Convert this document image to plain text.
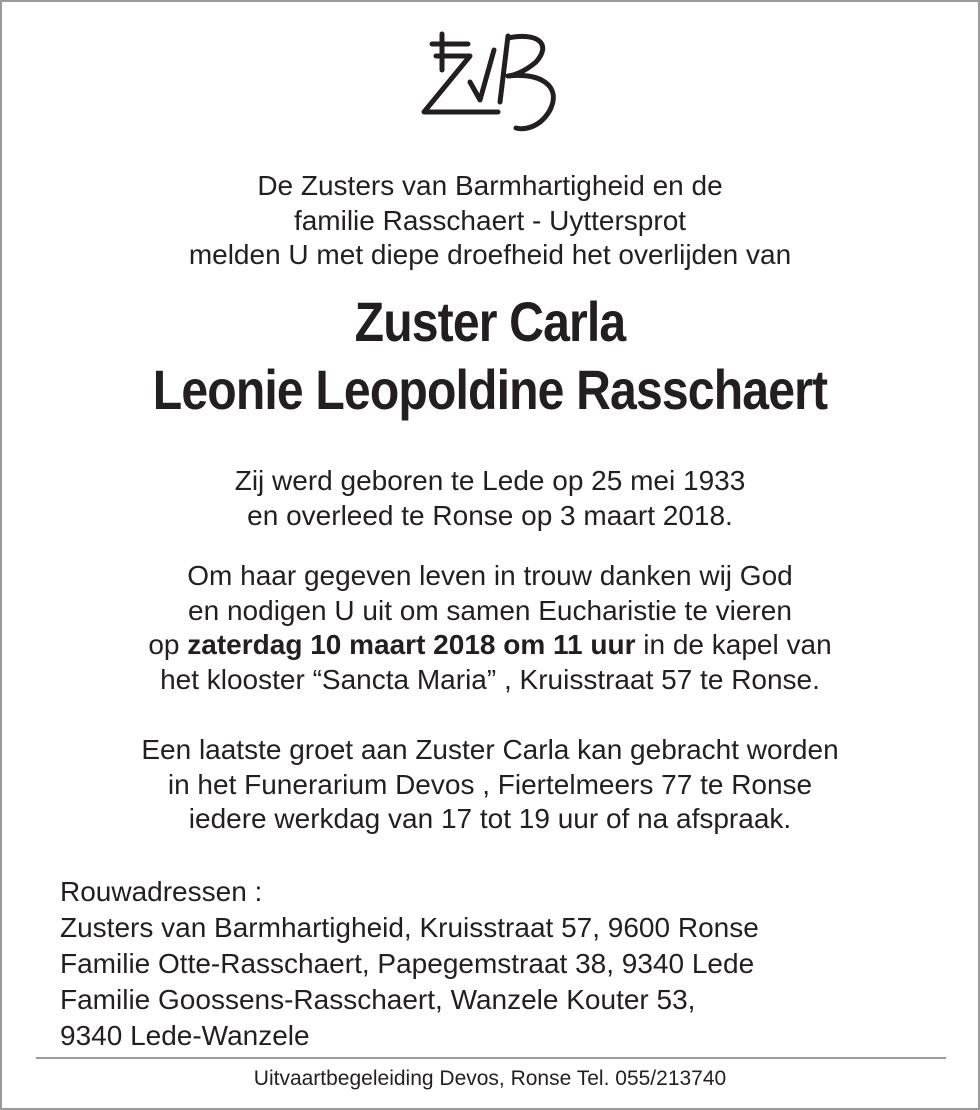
De Zusters van Barmhartigheid en de
familie Rasschaert - Uyttersprot
melden U met diepe droefheid het overlijden van
Zuster Carla
Leonie Leopoldine Rasschaert
Zij werd geboren te Lede op 25 mei 1933
en overleed te Ronse op 3 maart 2018.
Om haar gegeven leven in trouw danken wij God
en nodigen U uit om samen Eucharistie te vieren
op zaterdag 10 maart 2018 om 11 uur in de kapel van
het klooster “Sancta Maria” , Kruisstraat 57 te Ronse.
Een laatste groet aan Zuster Carla kan gebracht worden
in het Funerarium Devos , Fiertelmeers 77 te Ronse
iedere werkdag van 17 tot 19 uur of na afspraak.
Rouwadressen :
Zusters van Barmhartigheid, Kruisstraat 57, 9600 Ronse
Familie Otte-Rasschaert, Papegemstraat 38, 9340 Lede
Familie Goossens-Rasschaert, Wanzele Kouter 53,
9340 Lede-Wanzele
Uitvaartbegeleiding Devos, Ronse Tel. 055/213740
